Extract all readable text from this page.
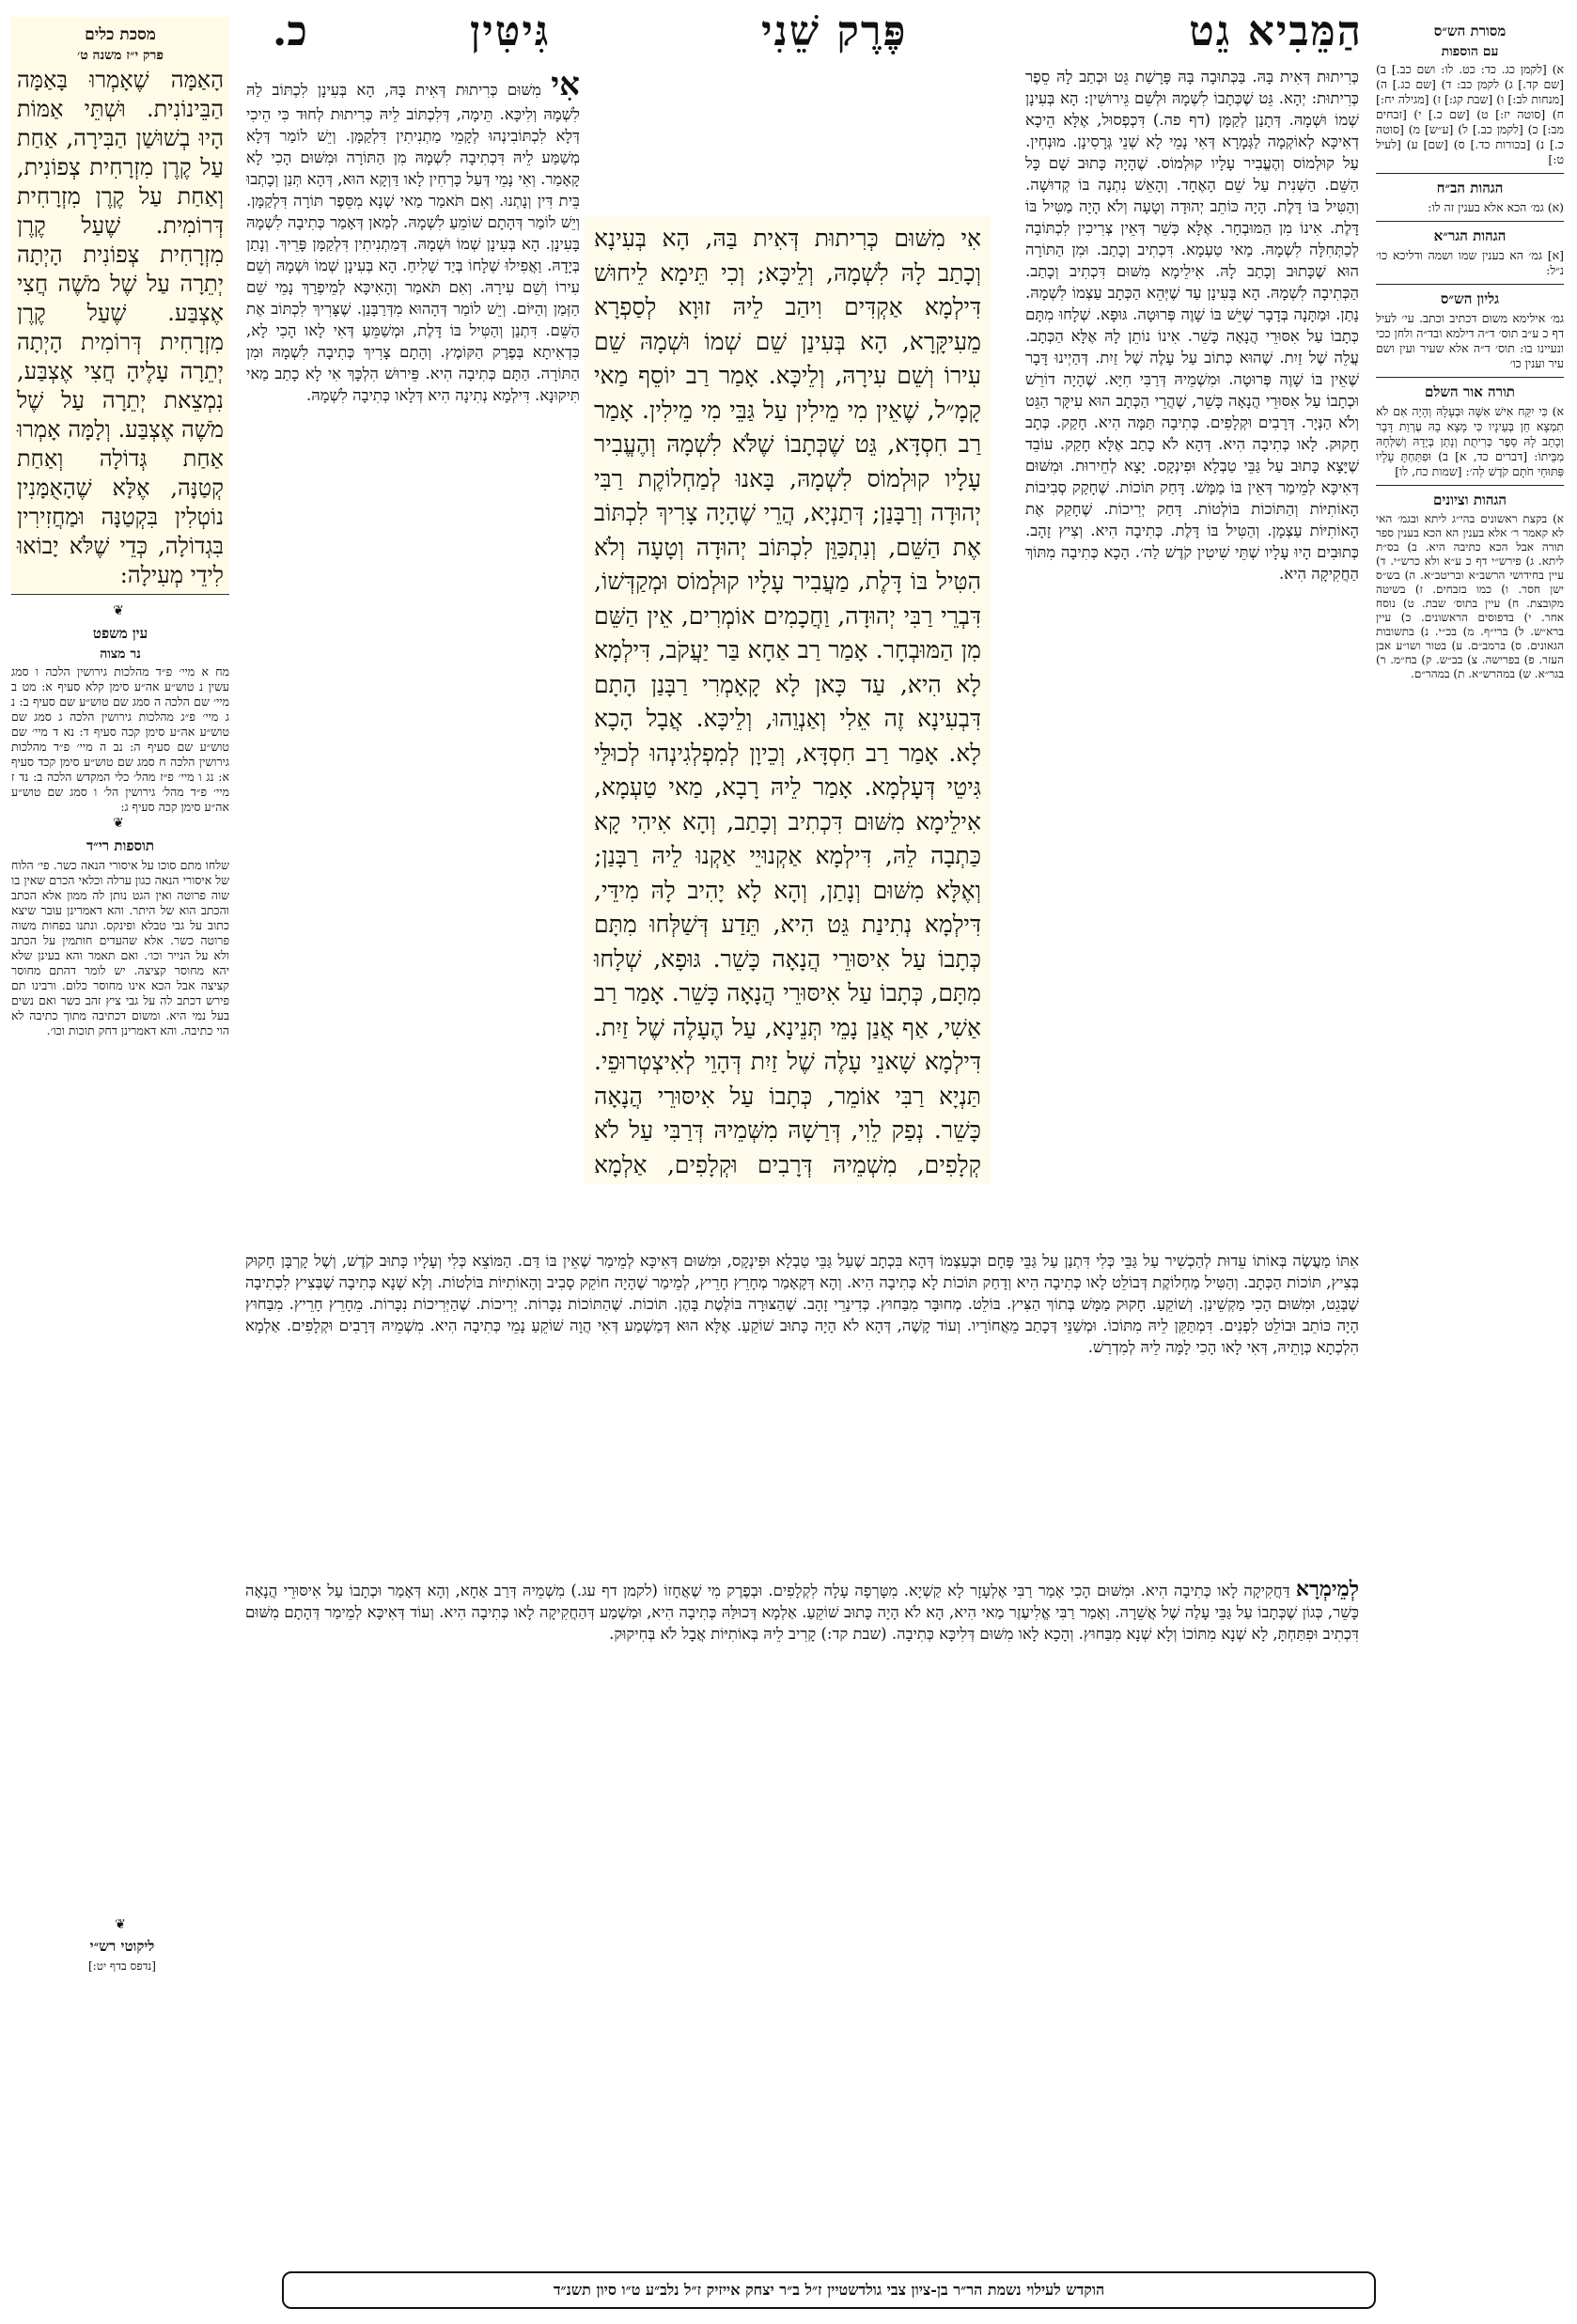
הַמֵּבִיא גֵט
פֶּרֶק שֵׁנִי
גִּיטִּין
כ.	מסורת הש״ס
עם הוספות
א) [לקמן כג. כד: כט. לו: ושם כב.] ב) [שם קד.] ג) לקמן כב: ד) [שם כג.] ה) [מנחות לב:] ו) [שבת קג:] ז) [מגילה יח:] ח) [סוטה יז:] ט) [שם כ.] י) [זבחים מב:] כ) [לקמן כב.] ל) [ע״ש] מ) [סוטה כ.] נ) [בכורות כד.] ס) [שם] ע) [לעיל ט:]
הגהות הב״ח
(א) גמ׳ הכא אלא בענין זה לו:
הגהות הגר״א
[א] גמ׳ הא בענין שמו ושמה ודליכא כו׳ נ״ל:
גליון הש״ס
גמ׳ אילימא משום דכתיב וכתב. עי׳ לעיל דף כ ע״ב תוס׳ ד״ה דילמא ובד״ה ולחן ככי ונעיינו בו: תוס׳ ד״ה אלא שעיר ועין ושם עיר וענין כו׳
תורה אור השלם
א) כִּי יִקַּח אִישׁ אִשָּׁה וּבְעָלָהּ וְהָיָה אִם לֹא תִמְצָא חֵן בְּעֵינָיו כִּי מָצָא בָהּ עֶרְוַת דָּבָר וְכָתַב לָהּ סֵפֶר כְּרִיתֻת וְנָתַן בְּיָדָהּ וְשִׁלְּחָהּ מִבֵּיתוֹ: [דברים כד, א] ב) וּפִתַּחְתָּ עָלָיו פִּתּוּחֵי חֹתָם קֹדֶשׁ לַה׳: [שמות כח, לו]
הגהות וציונים
א) בקצת ראשונים בהי״ג ליתא ובגמ׳ האי לא קאמר ר׳ אלא בענין הא הכא בענין ספר תורה אבל הכא כתיבה היא. ב) בס״ת ליתא. ג) פירש״י דף כ ע״א ולא כרש״י. ד) עיין בחידושי הרשב״א ובריטב״א. ה) בש״ס ישן חסר. ו) כמו בזבחים. ז) בשיטה מקובצת. ח) עיין בתוס׳ שבת. ט) נוסח אחר. י) בדפוסים הראשונים. כ) עיין ברא״ש. ל) ברי״ף. מ) בכ״י. נ) בתשובות הגאונים. ס) ברמב״ם. ע) בטור ושו״ע אבן העזר. פ) בפרישה. צ) בב״ש. ק) בח״מ. ר) בגר״א. ש) במהרש״א. ת) במהר״ם.
מסכת כלים
פרק י״ז משנה ט׳
הָאַמָּה שֶׁאָמְרוּ בָּאַמָּה הַבֵּינוֹנִית. וּשְׁתֵּי אַמּוֹת הָיוּ בְשׁוּשַׁן הַבִּירָה, אַחַת עַל קֶרֶן מִזְרָחִית צְפוֹנִית, וְאַחַת עַל קֶרֶן מִזְרָחִית דְּרוֹמִית. שֶׁעַל קֶרֶן מִזְרָחִית צְפוֹנִית הָיְתָה יְתֵרָה עַל שֶׁל מֹשֶׁה חֲצִי אֶצְבַּע. שֶׁעַל קֶרֶן מִזְרָחִית דְּרוֹמִית הָיְתָה יְתֵרָה עָלֶיהָ חֲצִי אֶצְבַּע, נִמְצֵאת יְתֵרָה עַל שֶׁל מֹשֶׁה אֶצְבַּע. וְלָמָּה אָמְרוּ אַחַת גְּדוֹלָה וְאַחַת קְטַנָּה, אֶלָּא שֶׁהָאֻמָּנִין נוֹטְלִין בִּקְטַנָּה וּמַחֲזִירִין בִּגְדוֹלָה, כְּדֵי שֶׁלֹּא יָבוֹאוּ לִידֵי מְעִילָה:
❦
עין משפט
נר מצוה
מח א מיי׳ פ״ד מהלכות גירושין הלכה ו סמג עשין נ טוש״ע אה״ע סימן קלא סעיף א: מט ב מיי׳ שם הלכה ה סמג שם טוש״ע שם סעיף ב: נ ג מיי׳ פ״ג מהלכות גירושין הלכה ג סמג שם טוש״ע אה״ע סימן קכה סעיף ד: נא ד מיי׳ שם טוש״ע שם סעיף ה: נב ה מיי׳ פ״ד מהלכות גירושין הלכה ח סמג שם טוש״ע סימן קכד סעיף א: נג ו מיי׳ פ״ז מהל׳ כלי המקדש הלכה ב: נד ז מיי׳ פ״ד מהל׳ גירושין הל׳ ו סמג שם טוש״ע אה״ע סימן קכה סעיף ג:
❦
תוספות רי״ד
שלחו מתם סוכו על איסורי הנאה כשר. פי׳ הלוח של איסורי הנאה כגון ערלה וכלאי הכרם שאין בו שוה פרוטה ואין הגט נותן לה ממון אלא הכתב והכתב הוא של היתר. והא דאמרינן עובר שיצא כתוב על גבי טבלא ופינקס. ונתנו בפחות משוה פרוטה כשר. אלא שהעדים חותמין על הכתב ולא על הנייר וכו׳. ואם תאמר והא בעינן שלא יהא מחוסר קציצה. יש לומר דהתם מחוסר קציצה אבל הכא אינו מחוסר כלום. ורבינו תם פירש דכתב לה על גבי ציץ זהב כשר ואם נשים בעל נמי היא. ומשום דכתיבה מתוך כתיבה לא הוי כתיבה. והא דאמרינן דחק תוכות וכו׳.
❦
ליקוטי רש״י
[נדפס בדף יט:]
כְּרִיתוּת דְּאִית בָּהּ. בַּכְּתוּבָה בָּהּ פָּרָשַׁת גֵּט וּכְתַב לָהּ סֵפֶר כְּרִיתוּת: יְהָא. גֵּט שֶׁכְּתָבוֹ לִשְׁמָהּ וּלְשֵׁם גֵּירוּשִׁין: הָא בְּעִינָן שְׁמוֹ וּשְׁמָהּ. דְּתָנַן לְקַמָּן (דף פה.) דִּכְפְסוּל, אֶלָּא הֵיכָא דְאִיכָּא לְאוֹקְמָה לַגְּמָרָא דְּאִי נָמֵי לָא שְׁנֵי גְּרָסִינָן. מוּנְחִין. עַל קוּלְמוֹס וְהֶעֱבִיר עָלָיו קוּלְמוֹס. שֶׁהָיָה כָּתוּב שָׁם כָּל הַשֵּׁם. הַשְּׁנִית עַל שֵׁם הָאֶחָד. וְהָאֵשׁ נִתְנָה בּוֹ קְדוּשָׁה. וְהַטִּיל בּוֹ דָּלֶת. הָיָה כּוֹתֵב יְהוּדָה וְטָעָה וְלֹא הָיָה מַטִּיל בּוֹ דָּלֶת. אִינוֹ מִן הַמּוּבְחָר. אֶלָּא כְּשֵׁר דְּאֵין צְרִיכִין לִכְתּוֹבָה לְכַתְּחִלָּה לִשְׁמָהּ. מַאי טַעְמָא. דִּכְתִיב וְכָתַב. וּמִן הַתּוֹרָה הוּא שֶׁכָּתוּב וְכָתַב לָהּ. אִילֵימָא מִשּׁוּם דִּכְתִיב וְכָתַב. הַכְּתִיבָה לִשְׁמָהּ. הָא בָּעִינָן עַד שֶׁיְּהֵא הַכְּתָב עַצְמוֹ לִשְׁמָהּ. נָתַן. וּמַתָּנָה בְּדָבָר שֶׁיֵּשׁ בּוֹ שָׁוֶה פְּרוּטָה. גּוּפָא. שְׁלָחוּ מִתָּם כְּתָבוֹ עַל אִסּוּרֵי הֲנָאָה כָּשֵׁר. אִינוֹ נוֹתֵן לָהּ אֶלָּא הַכְּתָב. עֲלֵה שֶׁל זַיִת. שֶׁהוּא כְּתוֹב עַל עָלֶה שֶׁל זַיִת. דְּהַיְינוּ דָּבָר שֶׁאֵין בּוֹ שָׁוֶה פְּרוּטָה. וּמִשְׁמֵיהּ דְּרַבִּי חִיָּא. שֶׁהָיָה דוֹרֵשׁ וּכְתָבוֹ עַל אִסּוּרֵי הֲנָאָה כָּשֵׁר, שֶׁהֲרֵי הַכְּתָב הוּא עִיקָּר הַגֵּט וְלֹא הַנְּיָר. דְּרָבִים וּקְלָפִים. כְּתִיבָה תַּמָּה הִיא. חָקַק. כְּתָב חָקוּק. לָאו כְּתִיבָה הִיא. דְּהָא לֹא כָתַב אֶלָּא חָקַק. עוֹבֵד שֶׁיָּצָא כָּתוּב עַל גַּבֵּי טַבְלָא וּפִינְקָס. יָצָא לְחֵירוּת. וּמִשּׁוּם דְּאִיכָּא לְמֵימַר דְּאֵין בּוֹ מַמָּשׁ. דָּחַק תּוֹכוֹת. שֶׁחָקַק סְבִיבוֹת הָאוֹתִיּוֹת וְהַתּוֹכוֹת בּוֹלְטוֹת. דָּחַק יְרִיכוֹת. שֶׁחָקַק אֶת הָאוֹתִיּוֹת עַצְמָן. וְהַטִּיל בּוֹ דָּלֶת. כְּתִיבָה הִיא. וְצִיץ זָהָב. כְּתוּבִים הָיוּ עָלָיו שְׁתֵּי שִׁיטִין קֹדֶשׁ לַה׳. הָכָא כְּתִיבָה מִתּוֹךְ הַחֲקִיקָה הִיא.
אִי מִשּׁוּם כְּרִיתוּת דְּאִית בָּהּ, הָא בְּעִינָן לִכְתּוֹב לַהּ לִשְׁמָהּ וְלִיכָּא. תֵּימָה, דְּלִכְתּוֹב לֵיהּ כְּרִיתוּת לְחוּד כִּי הֵיכִי דְּלָא לִכְתּוֹבִינְהוּ לְקָמֵי מַתְנִיתִין דִּלְקַמָּן. וְיֵשׁ לוֹמַר דְּלָא מְשַׁמַּע לֵיהּ דִּכְתִיבָה לִשְׁמָהּ מִן הַתּוֹרָה וּמִשּׁוּם הָכִי לָא קָאָמַר. וְאִי נָמֵי דְּעַל כָּרְחִין לָאו דַּוְקָא הוּא, דְּהָא תְּנַן וְכָתְבוּ בֵּית דִּין וְנָתְנוּ. וְאִם תֹּאמַר מַאי שְׁנָא מִסֵּפֶר תּוֹרָה דִּלְקַמָּן. וְיֵשׁ לוֹמַר דְּהָתָם שׁוֹמֵעַ לִשְׁמָהּ. לְמַאן דְּאָמַר כְּתִיבָה לִשְׁמָהּ בָּעִינָן. הָא בְּעִינָן שְׁמוֹ וּשְׁמָהּ. דְּמַתְנִיתִין דִּלְקַמָּן פָּרֵיךְ. וְנָתַן בְּיָדָהּ. וַאֲפִילוּ שְׁלָחוֹ בְּיַד שָׁלִיחַ. הָא בְּעִינָן שְׁמוֹ וּשְׁמָהּ וְשֵׁם עִירוֹ וְשֵׁם עִירָהּ. וְאִם תֹּאמַר וְהָאִיכָּא לְמֵיפְרַךְ נָמֵי שֵׁם הַזְּמַן וְהַיּוֹם. וְיֵשׁ לוֹמַר דְּהָהוּא מִדְּרַבָּנַן. שֶׁצָּרִיךְ לִכְתּוֹב אֶת הַשֵּׁם. דִּתְנַן וְהַטִּיל בּוֹ דָּלֶת, וּמְשַׁמֵּעַ דְּאִי לָאו הָכִי לָא, כִּדְאִיתָא בְּפֶרֶק הַקּוֹמֶץ. וְהָתָם צָרִיךְ כְּתִיבָה לִשְׁמָהּ וּמִן הַתּוֹרָה. הַתָּם כְּתִיבָה הִיא. פֵּירוּשׁ הִלְכָּךְ אִי לָא כָתַב מַאי תִּיקוּנָא. דִּילְמָא נְתִינָה הִיא דְּלָאו כְּתִיבָה לִשְׁמָהּ.
אִי מִשּׁוּם כְּרִיתוּת דְּאִית בַּהּ, הָא בְּעִינָא וְכָתַב לָהּ לִשְׁמָהּ, וְלֵיכָּא; וְכִי תֵּימָא לֵיחוּשׁ דִּילְמָא אַקְדִּים וִיהַב לֵיהּ זוּוָא לְסַפְרָא מֵעִיקָּרָא, הָא בְּעִינַן שֵׁם שְׁמוֹ וּשְׁמָהּ שֵׁם עִירוֹ וְשֵׁם עִירָהּ, וְלֵיכָּא. אָמַר רַב יוֹסֵף מַאי קָמָ״ל, שֶׁאֵין מִי מֵילִין עַל גַּבֵּי מִי מֵילִין. אָמַר רַב חִסְדָּא, גֵּט שֶׁכְּתָבוֹ שֶׁלֹּא לִשְׁמָהּ וְהֶעֱבִיר עָלָיו קוּלְמוֹס לִשְׁמָהּ, בָּאנוּ לְמַחְלוֹקֶת רַבִּי יְהוּדָה וְרַבָּנַן; דְּתַנְיָא, הֲרֵי שֶׁהָיָה צָרִיךְ לִכְתּוֹב אֶת הַשֵּׁם, וְנִתְכַּוֵּן לִכְתּוֹב יְהוּדָה וְטָעָה וְלֹא הִטִּיל בּוֹ דָּלֶת, מַעֲבִיר עָלָיו קוּלְמוֹס וּמְקַדְּשׁוֹ, דִּבְרֵי רַבִּי יְהוּדָה, וַחֲכָמִים אוֹמְרִים, אֵין הַשֵּׁם מִן הַמּוּבְחָר. אָמַר רַב אַחָא בַּר יַעֲקֹב, דִּילְמָא לָא הִיא, עַד כָּאן לָא קָאָמְרִי רַבָּנַן הָתָם דִּבְעִינָא זֶה אֵלִי וְאַנְוֵהוּ, וְלֵיכָּא. אֲבָל הָכָא לָא. אָמַר רַב חִסְדָּא, וְכֵיוָן לְמִפְלְגִינְהוּ לְכוּלֵּי גִּיטֵי דְּעָלְמָא. אָמַר לֵיהּ רָבָא, מַאי טַעְמָא, אִילֵימָא מִשּׁוּם דִּכְתִיב וְכָתַב, וְהָא אִיהִי קָא כַּתְבָה לֵהּ, דִּילְמָא אַקְנוּיֵי אַקְנוּ לֵיהּ רַבָּנַן; וְאֶלָּא מִשּׁוּם וְנָתַן, וְהָא לָא יָהִיב לָהּ מִידֵּי, דִּילְמָא נְתִינַת גֵּט הִיא, תֵּדַע דְּשַׁלְּחוּ מִתָּם כְּתָבוֹ עַל אִיסּוּרֵי הֲנָאָה כָּשֵׁר. גּוּפָא, שְׁלָחוּ מִתָּם, כְּתָבוֹ עַל אִיסּוּרֵי הֲנָאָה כָּשֵׁר. אָמַר רַב אַשִׁי, אַף אֲנַן נָמֵי תְּנֵינָא, עַל הֶעָלֶה שֶׁל זַיִת. דִּילְמָא שָׁאנֵי עָלֶה שֶׁל זַיִת דְּהָוֵי לְאִיצְטְרוּפֵי. תַּנְיָא רַבִּי אוֹמֵר, כְּתָבוֹ עַל אִיסּוּרֵי הֲנָאָה כָּשֵׁר. נְפַק לֵוִי, דְּרַשָׁהּ מִשְּׁמֵיהּ דְּרַבִּי עַל לֹא קְלָפִים, מִשְׁמֵיהּ דְּרָבִים וּקְלָפִים, אַלְמָא
אִתּוֹ מַעֲשֶׂה בְּאוֹתוֹ עֵדוּת לְהַכְשִׁיר עַל גַּבֵּי כְּלִי דִּתְנַן עַל גַּבֵּי פָּחָם וּבְעַצְמוֹ דְּהָא בִּכְתָב שֶׁעַל גַּבֵּי טַבְלָא וּפִינְקָס, וּמִשּׁוּם דְּאִיכָּא לְמֵימַר שֶׁאֵין בּוֹ דַּם. הַמּוֹצֵא כְּלִי וְעָלָיו כָּתוּב קֹדֶשׁ, וְשֶׁל קָרְבָּן חָקוּק בְּצִיץ, תּוֹכוֹת הַכְּתָב. וְהַטִּיל מַחְלוֹקֶת דְּבוֹלֵט לָאו כְּתִיבָה הִיא וְדָחַק תּוֹכוֹת לָא כְּתִיבָה הִיא. וְהָא דְּקָאָמַר מְחָרֵץ חָרֵיץ, לְמֵימַר שֶׁהָיָה חוֹקֵק סָבִיב וְהָאוֹתִיּוֹת בּוֹלְטוֹת. וְלָא שְׁנָא כְּתִיבָה שֶׁבְּצִיץ לִכְתִיבָה שֶׁבְּגֵט, וּמִשּׁוּם הָכִי מַקְשֵׁינַן. וְשׁוֹקֵעַ. חָקוּק מַמָּשׁ בְּתוֹךְ הַצִּיץ. בּוֹלֵט. מְחוּבָּר מִבַּחוּץ. כְּדִינָרֵי זָהָב. שֶׁהַצּוּרָה בּוֹלֶטֶת בָּהֶן. תּוֹכוֹת. שֶׁהַתּוֹכוֹת נִכָּרוֹת. יְרִיכוֹת. שֶׁהַיְּרִיכוֹת נִכָּרוֹת. מֵחָרֵץ חָרֵיץ. מִבַּחוּץ הָיָה כּוֹתֵב וּבוֹלֵט לִפְנִים. דִּמְתַּקֵּן לֵיהּ מִתּוֹכוֹ. וּמְשַׁנֵּי דְּכָתַב מֵאֲחוֹרָיו. וְעוֹד קָשֶׁה, דְּהָא לֹא הָיָה כָּתוּב שׁוֹקֵעַ. אֶלָּא הוּא דְּמַשְׁמַע דְּאִי הֲוָה שׁוֹקֵעַ נָמֵי כְּתִיבָה הִיא. מִשְׁמֵיהּ דְּרָבִים וּקְלָפִים. אַלְמָא הִלְכְתָא כְּוָתֵיהּ, דְּאִי לָאו הָכִי לָמָּה לֵיהּ לְמִדְרַשׁ.
לְמֵימְרָא דַּחֲקִיקָה לָאו כְּתִיבָה הִיא. וּמִשּׁוּם הָכִי אָמַר רַבִּי אֶלְעָזָר לָא קַשְׁיָא. מִטָּרְפָה עָלָה לִקְלָפִים. וּבְפֶרֶק מִי שֶׁאֲחָזוֹ (לקמן דף עג.) מִשְׁמֵיהּ דְּרַב אַחָא, וְהָא דְּאָמַר וּכְתָבוֹ עַל אִיסּוּרֵי הֲנָאָה כָּשֵׁר, כְּגוֹן שֶׁכְּתָבוֹ עַל גַּבֵּי עָלֶה שֶׁל אֲשֵׁרָה. וְאָמַר רַבִּי אֱלִיעֶזֶר מַאי הִיא, הָא לֹא הָיָה כָּתוּב שׁוֹקֵעַ. אַלְמָא דְּכוּלַּהּ כְּתִיבָה הִיא, וּמַשְׁמַע דְּהַחֲקִיקָה לָאו כְּתִיבָה הִיא. וְעוֹד דְּאִיכָּא לְמֵימַר דְּהָתָם מִשּׁוּם דִּכְתִיב וּפִתַּחְתָּ, לָא שְׁנָא מִתּוֹכוֹ וְלָא שְׁנָא מִבַּחוּץ. וְהָכָא לָאו מִשּׁוּם דְּלִיכָּא כְּתִיבָה. (שבת קד:) קָרִיב לֵיהּ בְּאוֹתִיּוֹת אֲבָל לֹא בְּחִיקוּק.
הוקדש לעילוי נשמת הר״ר בן-ציון צבי גולדשטיין ז״ל ב״ר יצחק אייזיק ז״ל נלב״ע ט״ו סיון תשנ״ד
